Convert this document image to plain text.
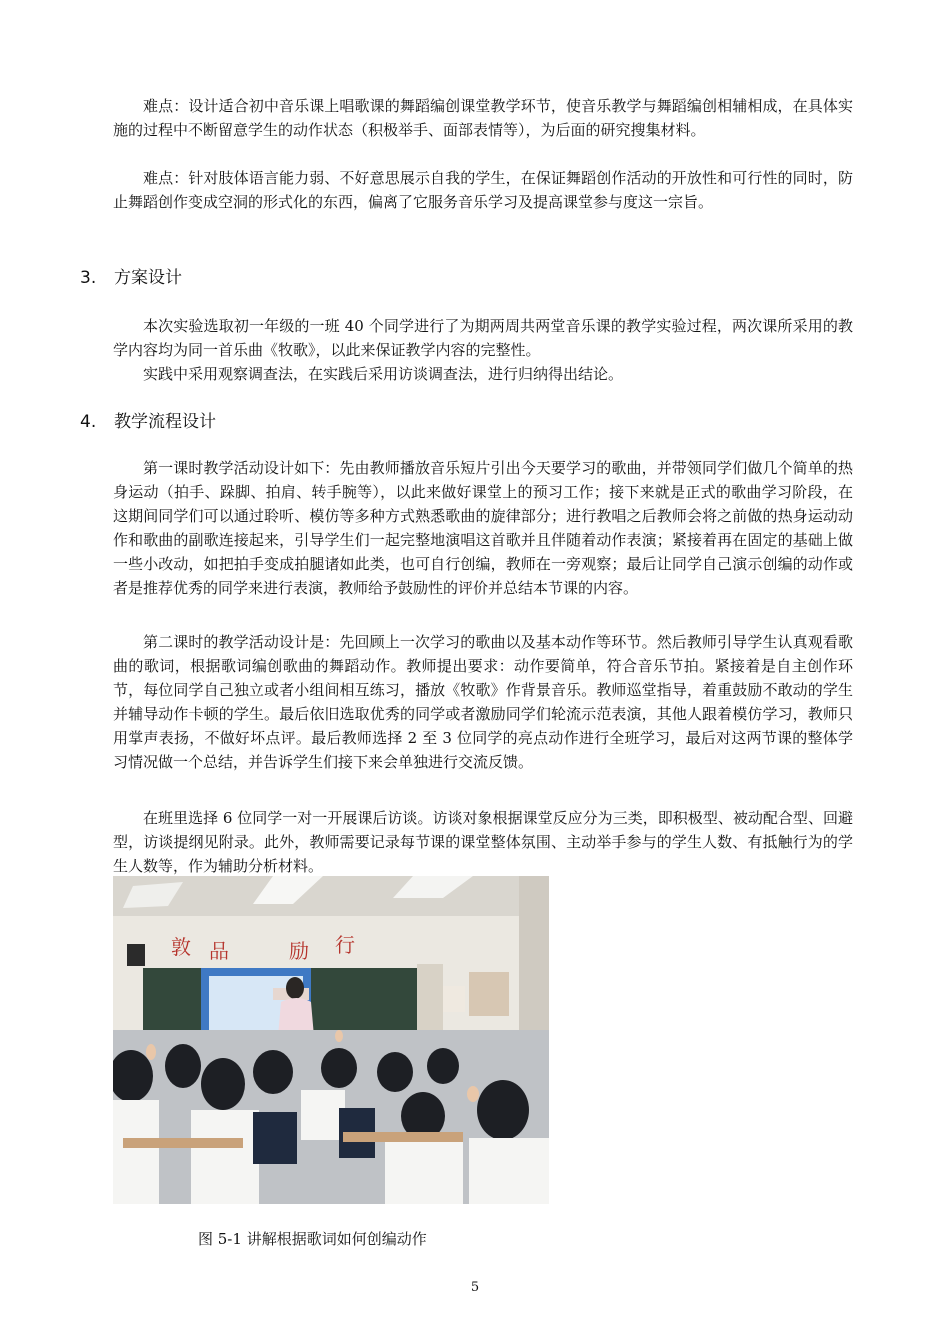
难点：设计适合初中音乐课上唱歌课的舞蹈编创课堂教学环节，使音乐教学与舞蹈编创相辅相成，在具体实施的过程中不断留意学生的动作状态（积极举手、面部表情等），为后面的研究搜集材料。

难点：针对肢体语言能力弱、不好意思展示自我的学生，在保证舞蹈创作活动的开放性和可行性的同时，防止舞蹈创作变成空洞的形式化的东西，偏离了它服务音乐学习及提高课堂参与度这一宗旨。

3. 方案设计

本次实验选取初一年级的一班 40 个同学进行了为期两周共两堂音乐课的教学实验过程，两次课所采用的教学内容均为同一首乐曲《牧歌》，以此来保证教学内容的完整性。

实践中采用观察调查法，在实践后采用访谈调查法，进行归纳得出结论。

4. 教学流程设计

第一课时教学活动设计如下：先由教师播放音乐短片引出今天要学习的歌曲，并带领同学们做几个简单的热身运动（拍手、跺脚、拍肩、转手腕等），以此来做好课堂上的预习工作；接下来就是正式的歌曲学习阶段，在这期间同学们可以通过聆听、模仿等多种方式熟悉歌曲的旋律部分；进行教唱之后教师会将之前做的热身运动动作和歌曲的副歌连接起来，引导学生们一起完整地演唱这首歌并且伴随着动作表演；紧接着再在固定的基础上做一些小改动，如把拍手变成拍腿诸如此类，也可自行创编，教师在一旁观察；最后让同学自己演示创编的动作或者是推荐优秀的同学来进行表演，教师给予鼓励性的评价并总结本节课的内容。

第二课时的教学活动设计是：先回顾上一次学习的歌曲以及基本动作等环节。然后教师引导学生认真观看歌曲的歌词，根据歌词编创歌曲的舞蹈动作。教师提出要求：动作要简单，符合音乐节拍。紧接着是自主创作环节，每位同学自己独立或者小组间相互练习，播放《牧歌》作背景音乐。教师巡堂指导，着重鼓励不敢动的学生并辅导动作卡顿的学生。最后依旧选取优秀的同学或者激励同学们轮流示范表演，其他人跟着模仿学习，教师只用掌声表扬，不做好坏点评。最后教师选择 2 至 3 位同学的亮点动作进行全班学习，最后对这两节课的整体学习情况做一个总结，并告诉学生们接下来会单独进行交流反馈。

在班里选择 6 位同学一对一开展课后访谈。访谈对象根据课堂反应分为三类，即积极型、被动配合型、回避型，访谈提纲见附录。此外，教师需要记录每节课的课堂整体氛围、主动举手参与的学生人数、有抵触行为的学生人数等，作为辅助分析材料。

敦 品	励 行
图 5-1 讲解根据歌词如何创编动作
5
